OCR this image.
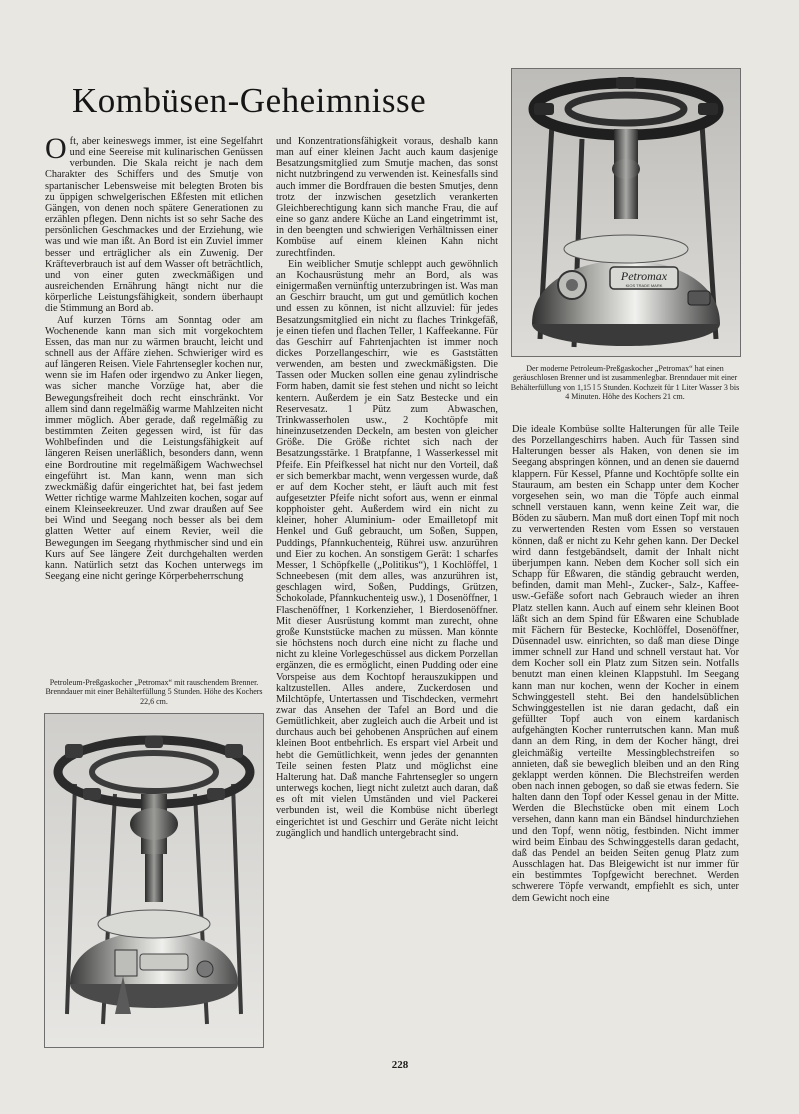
Kombüsen-Geheimnisse

Oft, aber keineswegs immer, ist eine Segelfahrt und eine Seereise mit kulinarischen Genüssen verbunden. Die Skala reicht je nach dem Charakter des Schiffers und des Smutje von spartanischer Lebensweise mit belegten Broten bis zu üppigen schwelgerischen Eßfesten mit etlichen Gängen, von denen noch spätere Generationen zu erzählen pflegen. Denn nichts ist so sehr Sache des persönlichen Geschmackes und der Erziehung, wie was und wie man ißt. An Bord ist ein Zuviel immer besser und erträglicher als ein Zuwenig. Der Kräfteverbrauch ist auf dem Wasser oft beträchtlich, und von einer guten zweckmäßigen und ausreichenden Ernährung hängt nicht nur die körperliche Leistungsfähigkeit, sondern überhaupt die Stimmung an Bord ab.

Auf kurzen Törns am Sonntag oder am Wochenende kann man sich mit vorgekochtem Essen, das man nur zu wärmen braucht, leicht und schnell aus der Affäre ziehen. Schwieriger wird es auf längeren Reisen. Viele Fahrtensegler kochen nur, wenn sie im Hafen oder irgendwo zu Anker liegen, was sicher manche Vorzüge hat, aber die Bewegungsfreiheit doch recht einschränkt. Vor allem sind dann regelmäßig warme Mahlzeiten nicht immer möglich. Aber gerade, daß regelmäßig zu bestimmten Zeiten gegessen wird, ist für das Wohlbefinden und die Leistungsfähigkeit auf längeren Reisen unerläßlich, besonders dann, wenn eine Bordroutine mit regelmäßigem Wachwechsel eingeführt ist. Man kann, wenn man sich zweckmäßig dafür eingerichtet hat, bei fast jedem Wetter richtige warme Mahlzeiten kochen, sogar auf einem Kleinseekreuzer. Und zwar draußen auf See bei Wind und Seegang noch besser als bei dem glatten Wetter auf einem Revier, weil die Bewegungen im Seegang rhythmischer sind und ein Kurs auf See längere Zeit durchgehalten werden kann. Natürlich setzt das Kochen unterwegs im Seegang eine nicht geringe Körperbeherrschung

Petroleum-Preßgaskocher „Petromax“ mit rauschendem Brenner. Brenndauer mit einer Behälterfüllung 5 Stunden. Höhe des Kochers 22,6 cm.

und Konzentrationsfähigkeit voraus, deshalb kann man auf einer kleinen Jacht auch kaum dasjenige Besatzungsmitglied zum Smutje machen, das sonst nicht nutzbringend zu verwenden ist. Keinesfalls sind auch immer die Bordfrauen die besten Smutjes, denn trotz der inzwischen gesetzlich verankerten Gleichberechtigung kann sich manche Frau, die auf eine so ganz andere Küche an Land eingetrimmt ist, in den beengten und schwierigen Verhältnissen einer Kombüse auf einem kleinen Kahn nicht zurechtfinden.

Ein weiblicher Smutje schleppt auch gewöhnlich an Kochausrüstung mehr an Bord, als was einigermaßen vernünftig unterzubringen ist. Was man an Geschirr braucht, um gut und gemütlich kochen und essen zu können, ist nicht allzuviel: für jedes Besatzungsmitglied ein nicht zu flaches Trinkgefäß, je einen tiefen und flachen Teller, 1 Kaffeekanne. Für das Geschirr auf Fahrtenjachten ist immer noch dickes Porzellangeschirr, wie es Gaststätten verwenden, am besten und zweckmäßigsten. Die Tassen oder Mucken sollen eine genau zylindrische Form haben, damit sie fest stehen und nicht so leicht kentern. Außerdem je ein Satz Bestecke und ein Reservesatz. 1 Pütz zum Abwaschen, Trinkwasserholen usw., 2 Kochtöpfe mit hineinzusetzenden Deckeln, am besten von gleicher Größe. Die Größe richtet sich nach der Besatzungsstärke. 1 Bratpfanne, 1 Wasserkessel mit Pfeife. Ein Pfeifkessel hat nicht nur den Vorteil, daß er sich bemerkbar macht, wenn vergessen wurde, daß er auf dem Kocher steht, er läuft auch mit fest aufgesetzter Pfeife nicht sofort aus, wenn er einmal kopphoister geht. Außerdem wird ein nicht zu kleiner, hoher Aluminium- oder Emailletopf mit Henkel und Guß gebraucht, um Soßen, Suppen, Puddings, Pfannkuchenteig, Rührei usw. anzurühren und Eier zu kochen. An sonstigem Gerät: 1 scharfes Messer, 1 Schöpfkelle („Politikus“), 1 Kochlöffel, 1 Schneebesen (mit dem alles, was anzurühren ist, geschlagen wird, Soßen, Puddings, Grützen, Schokolade, Pfannkuchenteig usw.), 1 Dosenöffner, 1 Flaschenöffner, 1 Korkenzieher, 1 Bierdosenöffner. Mit dieser Ausrüstung kommt man zurecht, ohne große Kunststücke machen zu müssen. Man könnte sie höchstens noch durch eine nicht zu flache und nicht zu kleine Vorlegeschüssel aus dickem Porzellan ergänzen, die es ermöglicht, einen Pudding oder eine Vorspeise aus dem Kochtopf herauszukippen und kaltzustellen. Alles andere, Zuckerdosen und Milchtöpfe, Untertassen und Tischdecken, vermehrt zwar das Ansehen der Tafel an Bord und die Gemütlichkeit, aber zugleich auch die Arbeit und ist durchaus auch bei gehobenen Ansprüchen auf einem kleinen Boot entbehrlich. Es erspart viel Arbeit und hebt die Gemütlichkeit, wenn jedes der genannten Teile seinen festen Platz und möglichst eine Halterung hat. Daß manche Fahrtensegler so ungern unterwegs kochen, liegt nicht zuletzt auch daran, daß es oft mit vielen Umständen und viel Packerei verbunden ist, weil die Kombüse nicht überlegt eingerichtet ist und Geschirr und Geräte nicht leicht zugänglich und handlich untergebracht sind.

Petromax
KIOS TRADE MARK
Der moderne Petroleum-Preßgaskocher „Petromax“ hat einen geräuschlosen Brenner und ist zusammenlegbar. Brenndauer mit einer Behälterfüllung von 1,15 l 5 Stunden. Kochzeit für 1 Liter Wasser 3 bis 4 Minuten. Höhe des Kochers 21 cm.

Die ideale Kombüse sollte Halterungen für alle Teile des Porzellangeschirrs haben. Auch für Tassen sind Halterungen besser als Haken, von denen sie im Seegang abspringen können, und an denen sie dauernd klappern. Für Kessel, Pfanne und Kochtöpfe sollte ein Stauraum, am besten ein Schapp unter dem Kocher vorgesehen sein, wo man die Töpfe auch einmal schnell verstauen kann, wenn keine Zeit war, die Böden zu säubern. Man muß dort einen Topf mit noch zu verwertenden Resten vom Essen so verstauen können, daß er nicht zu Kehr gehen kann. Der Deckel wird dann festgebändselt, damit der Inhalt nicht überjumpen kann. Neben dem Kocher soll sich ein Schapp für Eßwaren, die ständig gebraucht werden, befinden, damit man Mehl-, Zucker-, Salz-, Kaffee- usw.-Gefäße sofort nach Gebrauch wieder an ihren Platz stellen kann. Auch auf einem sehr kleinen Boot läßt sich an dem Spind für Eßwaren eine Schublade mit Fächern für Bestecke, Kochlöffel, Dosenöffner, Düsennadel usw. einrichten, so daß man diese Dinge immer schnell zur Hand und schnell verstaut hat. Vor dem Kocher soll ein Platz zum Sitzen sein. Notfalls benutzt man einen kleinen Klappstuhl. Im Seegang kann man nur kochen, wenn der Kocher in einem Schwinggestell steht. Bei den handelsüblichen Schwinggestellen ist nie daran gedacht, daß ein gefüllter Topf auch von einem kardanisch aufgehängten Kocher runterrutschen kann. Man muß dann an dem Ring, in dem der Kocher hängt, drei gleichmäßig verteilte Messingblechstreifen so annieten, daß sie beweglich bleiben und an den Ring geklappt werden können. Die Blechstreifen werden oben nach innen gebogen, so daß sie etwas federn. Sie halten dann den Topf oder Kessel genau in der Mitte. Werden die Blechstücke oben mit einem Loch versehen, dann kann man ein Bändsel hindurchziehen und den Topf, wenn nötig, festbinden. Nicht immer wird beim Einbau des Schwinggestells daran gedacht, daß das Pendel an beiden Seiten genug Platz zum Ausschlagen hat. Das Bleigewicht ist nur immer für ein bestimmtes Topfgewicht berechnet. Werden schwerere Töpfe verwandt, empfiehlt es sich, unter dem Gewicht noch eine

228
